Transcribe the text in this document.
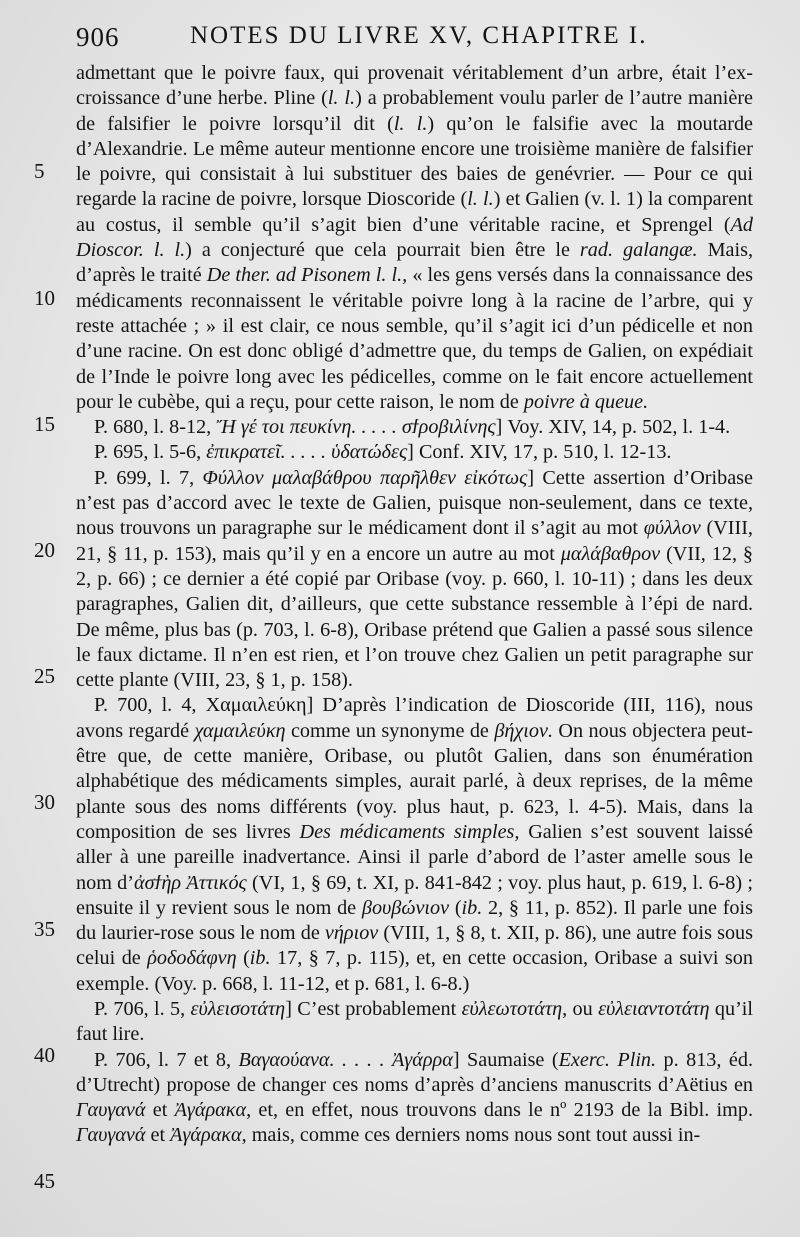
906	NOTES DU LIVRE XV, CHAPITRE I.
5
10
15
20
25
30
35
40
45

admettant que le poivre faux, qui provenait véritablement d’un arbre, était l’excroissance d’une herbe. Pline (l. l.) a probablement voulu parler de l’autre manière de falsifier le poivre lorsqu’il dit (l. l.) qu’on le falsifie avec la moutarde d’Alexandrie. Le même auteur mentionne encore une troisième manière de falsifier le poivre, qui consistait à lui substituer des baies de genévrier. — Pour ce qui regarde la racine de poivre, lorsque Dioscoride (l. l.) et Galien (v. l. 1) la comparent au costus, il semble qu’il s’agit bien d’une véritable racine, et Sprengel (Ad Dioscor. l. l.) a conjecturé que cela pourrait bien être le rad. galangæ. Mais, d’après le traité De ther. ad Pisonem l. l., « les gens versés dans la connaissance des médicaments reconnaissent le véritable poivre long à la racine de l’arbre, qui y reste attachée ; » il est clair, ce nous semble, qu’il s’agit ici d’un pédicelle et non d’une racine. On est donc obligé d’admettre que, du temps de Galien, on expédiait de l’Inde le poivre long avec les pédicelles, comme on le fait encore actuellement pour le cubèbe, qui a reçu, pour cette raison, le nom de poivre à queue.

P. 680, l. 8-12, Ἤ γέ τοι πευκίνη. . . . . σϯροβιλίνης] Voy. XIV, 14, p. 502, l. 1-4.

P. 695, l. 5-6, ἐπικρατεῖ. . . . . ὑδατώδες] Conf. XIV, 17, p. 510, l. 12-13.

P. 699, l. 7, Φύλλον μαλαβάθρου παρῆλθεν εἰκότως] Cette assertion d’Oribase n’est pas d’accord avec le texte de Galien, puisque non-seulement, dans ce texte, nous trouvons un paragraphe sur le médicament dont il s’agit au mot φύλλον (VIII, 21, § 11, p. 153), mais qu’il y en a encore un autre au mot μαλάβαθρον (VII, 12, § 2, p. 66) ; ce dernier a été copié par Oribase (voy. p. 660, l. 10-11) ; dans les deux paragraphes, Galien dit, d’ailleurs, que cette substance ressemble à l’épi de nard. De même, plus bas (p. 703, l. 6-8), Oribase prétend que Galien a passé sous silence le faux dictame. Il n’en est rien, et l’on trouve chez Galien un petit paragraphe sur cette plante (VIII, 23, § 1, p. 158).

P. 700, l. 4, Χαμαιλεύκη] D’après l’indication de Dioscoride (III, 116), nous avons regardé χαμαιλεύκη comme un synonyme de βήχιον. On nous objectera peut-être que, de cette manière, Oribase, ou plutôt Galien, dans son énumération alphabétique des médicaments simples, aurait parlé, à deux reprises, de la même plante sous des noms différents (voy. plus haut, p. 623, l. 4-5). Mais, dans la composition de ses livres Des médicaments simples, Galien s’est souvent laissé aller à une pareille inadvertance. Ainsi il parle d’abord de l’aster amelle sous le nom d’ἀσϯὴρ Ἀττικός (VI, 1, § 69, t. XI, p. 841-842 ; voy. plus haut, p. 619, l. 6-8) ; ensuite il y revient sous le nom de βουβώνιον (ib. 2, § 11, p. 852). Il parle une fois du laurier-rose sous le nom de νήριον (VIII, 1, § 8, t. XII, p. 86), une autre fois sous celui de ῥοδοδάφνη (ib. 17, § 7, p. 115), et, en cette occasion, Oribase a suivi son exemple. (Voy. p. 668, l. 11-12, et p. 681, l. 6-8.)

P. 706, l. 5, εὐλεισοτάτη] C’est probablement εὐλεωτοτάτη, ou εὐλειαντοτάτη qu’il faut lire.

P. 706, l. 7 et 8, Βαγαούανα. . . . . Ἀγάρρα] Saumaise (Exerc. Plin. p. 813, éd. d’Utrecht) propose de changer ces noms d’après d’anciens manuscrits d’Aëtius en Γαυγανά et Ἀγάρακα, et, en effet, nous trouvons dans le nº 2193 de la Bibl. imp. Γαυγανά et Ἀγάρακα, mais, comme ces derniers noms nous sont tout aussi in-
